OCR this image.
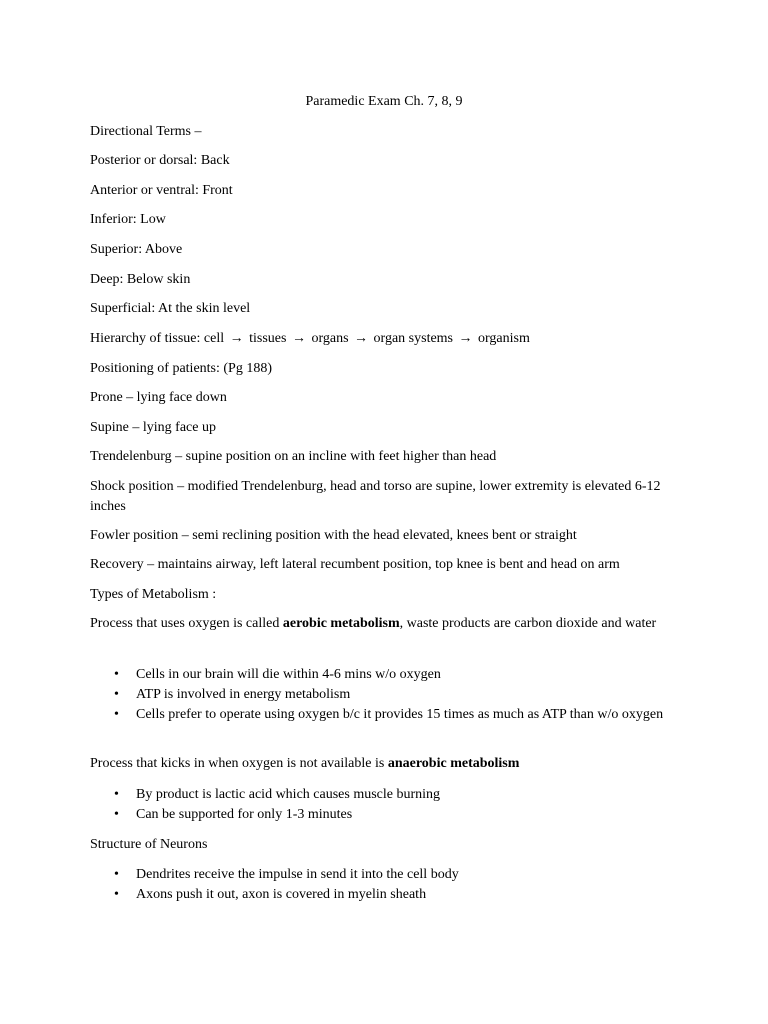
Paramedic Exam Ch. 7, 8, 9
Directional Terms –
Posterior or dorsal: Back
Anterior or ventral: Front
Inferior: Low
Superior: Above
Deep: Below skin
Superficial: At the skin level
Hierarchy of tissue: cell → tissues → organs → organ systems → organism
Positioning of patients: (Pg 188)
Prone – lying face down
Supine – lying face up
Trendelenburg – supine position on an incline with feet higher than head
Shock position – modified Trendelenburg, head and torso are supine, lower extremity is elevated 6-12 inches
Fowler position – semi reclining position with the head elevated, knees bent or straight
Recovery – maintains airway, left lateral recumbent position, top knee is bent and head on arm
Types of Metabolism :
Process that uses oxygen is called aerobic metabolism, waste products are carbon dioxide and water
• Cells in our brain will die within 4-6 mins w/o oxygen
• ATP is involved in energy metabolism
• Cells prefer to operate using oxygen b/c it provides 15 times as much as ATP than w/o oxygen
Process that kicks in when oxygen is not available is anaerobic metabolism
• By product is lactic acid which causes muscle burning
• Can be supported for only 1-3 minutes
Structure of Neurons
• Dendrites receive the impulse in send it into the cell body
• Axons push it out, axon is covered in myelin sheath
